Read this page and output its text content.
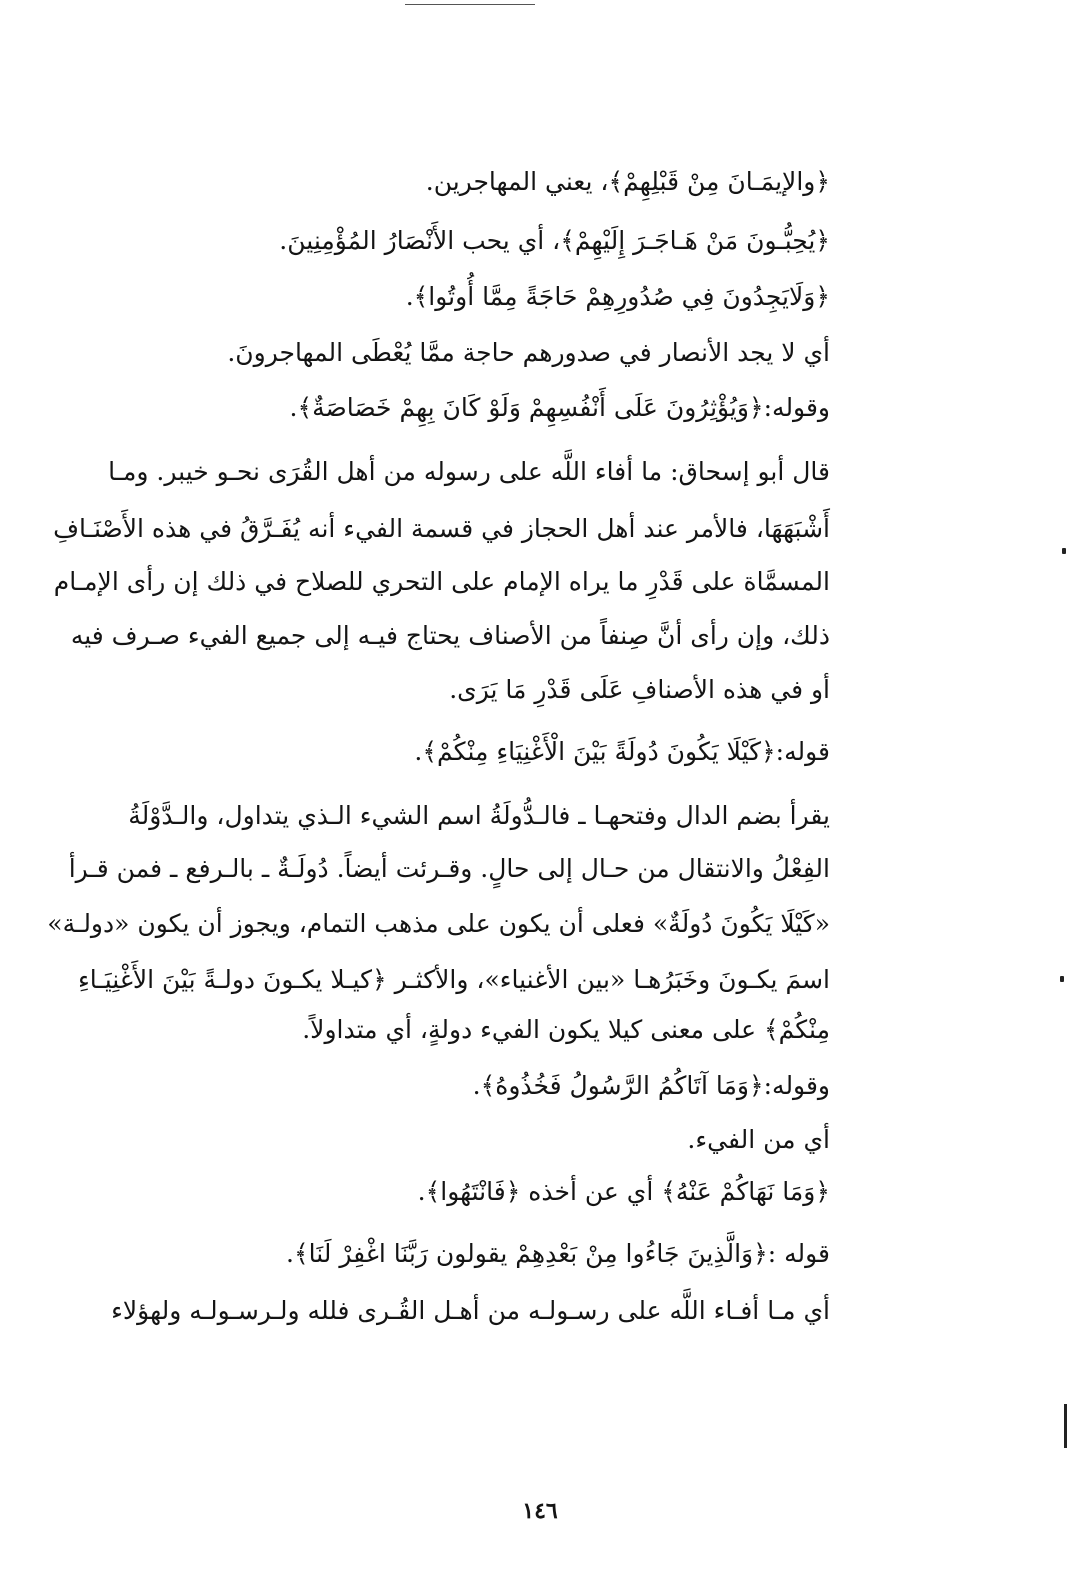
﴿والإيمَـانَ مِنْ قَبْلِهِمْ﴾، يعني المهاجرين.
﴿يُحِبُّـونَ مَنْ هَـاجَـرَ إِلَيْهِمْ﴾، أي يحب الأَنْصَارُ المُؤْمِنِينَ.
﴿وَلَايَجِدُونَ فِي صُدُورِهِمْ حَاجَةً مِمَّا أُوتُوا﴾.
أي لا يجد الأنصار في صدورهم حاجة ممَّا يُعْطَى المهاجرونَ.
وقوله:﴿وَيُؤْثِرُونَ عَلَى أَنْفُسِهِمْ وَلَوْ كَانَ بِهِمْ خَصَاصَةٌ﴾.
قال أبو إسحاق: ما أفاء اللَّه على رسوله من أهل القُرَى نحـو خيبر. ومـا
أَشْبَهَهَا، فالأمر عند أهل الحجاز في قسمة الفيء أنه يُفَـرَّقُ في هذه الأَصْنَـافِ
المسمَّاة على قَدْرِ ما يراه الإمام على التحري للصلاح في ذلك إن رأى الإمـام
ذلك، وإن رأى أنَّ صِنفاً من الأصناف يحتاج فيـه إلى جميع الفيء صـرف فيه
أو في هذه الأصنافِ عَلَى قَدْرِ مَا يَرَى.
قوله:﴿كَيْلَا يَكُونَ دُولَةً بَيْنَ الْأَغْنِيَاءِ مِنْكُمْ﴾.
يقرأ بضم الدال وفتحهـا ـ فالـدُّولَةُ اسم الشيء الـذي يتداول، والـدَّوْلَةُ
الفِعْلُ والانتقال من حـال إلى حالٍ. وقـرئت أيضاً. دُولَـةٌ ـ بالـرفع ـ فمن قـرأ
«كَيْلَا يَكُونَ دُولَةٌ» فعلى أن يكون على مذهب التمام، ويجوز أن يكون «دولـة»
اسمَ يكـونَ وخَبَرُهـا «بين الأغنياء»، والأكثـر ﴿كيـلا يكـونَ دولـةً بَيْنَ الأَغْنِيَـاءِ
مِنْكُمْ﴾ على معنى كيلا يكون الفيء دولةٍ، أي متداولاً.
وقوله:﴿وَمَا آتَاكُمُ الرَّسُولُ فَخُذُوهُ﴾.
أي من الفيء.
﴿وَمَا نَهَاكُمْ عَنْهُ﴾ أي عن أخذه ﴿فَانْتَهُوا﴾.
قوله :﴿وَالَّذِينَ جَاءُوا مِنْ بَعْدِهِمْ يقولون رَبَّنَا اغْفِرْ لَنَا﴾.
أي مـا أفـاء اللَّه على رسـولـه من أهـل القُـرى فلله ولـرسـولـه ولهؤلاء
١٤٦
